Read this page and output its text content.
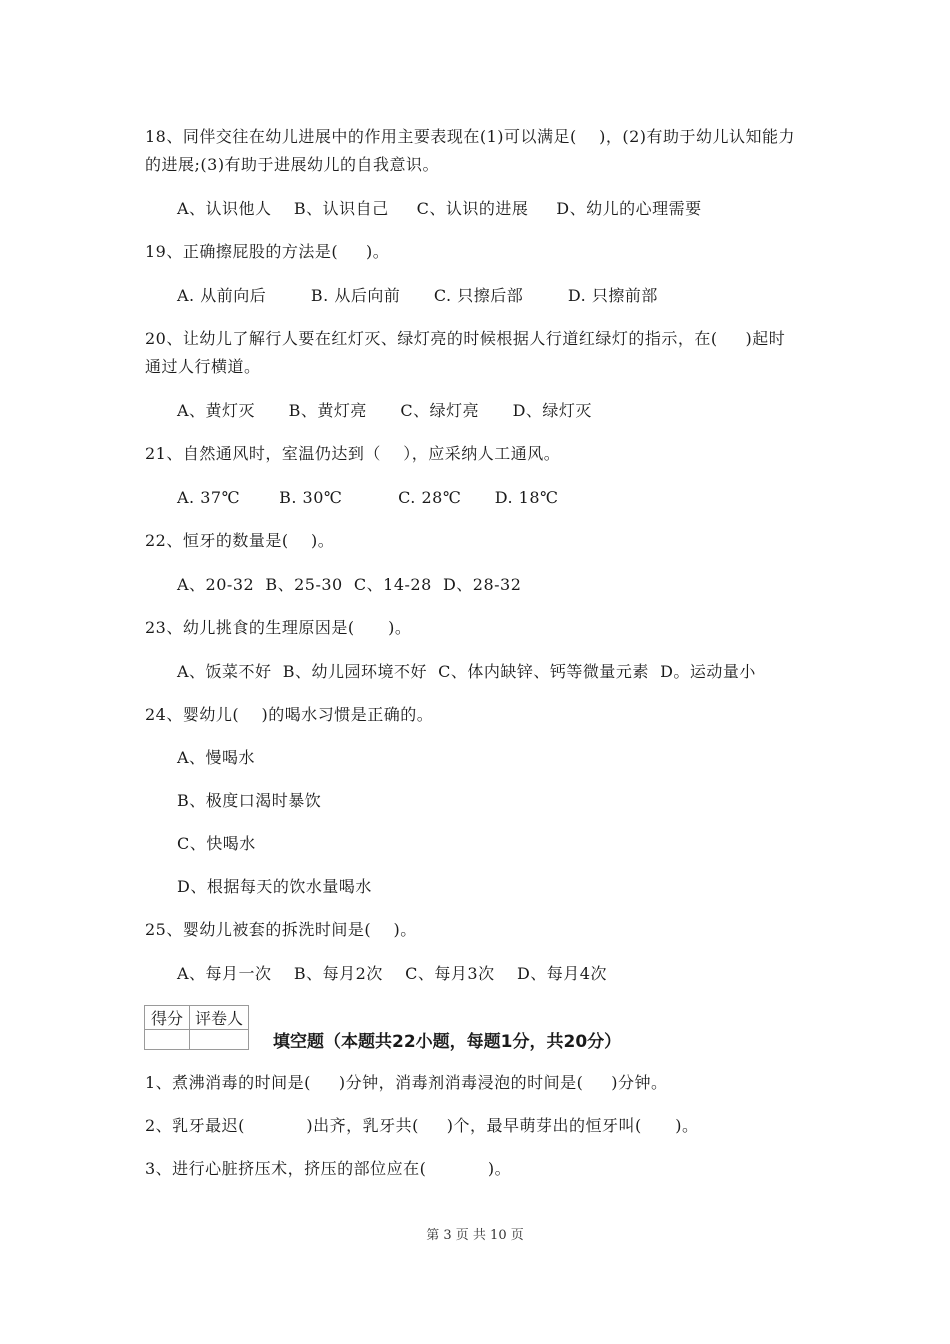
18、同伴交往在幼儿进展中的作用主要表现在(1)可以满足(    )，(2)有助于幼儿认知能力
的进展;(3)有助于进展幼儿的自我意识。
A、认识他人    B、认识自己     C、认识的进展     D、幼儿的心理需要
19、正确擦屁股的方法是(     )。
A. 从前向后        B. 从后向前      C. 只擦后部        D. 只擦前部
20、让幼儿了解行人要在红灯灭、绿灯亮的时候根据人行道红绿灯的指示，在(     )起时
通过人行横道。
A、黄灯灭      B、黄灯亮      C、绿灯亮      D、绿灯灭
21、自然通风时，室温仍达到（    ），应采纳人工通风。
A. 37℃       B. 30℃          C. 28℃      D. 18℃
22、恒牙的数量是(    )。
A、20-32  B、25-30  C、14-28  D、28-32
23、幼儿挑食的生理原因是(      )。
A、饭菜不好  B、幼儿园环境不好  C、体内缺锌、钙等微量元素  D。运动量小
24、婴幼儿(    )的喝水习惯是正确的。
A、慢喝水
B、极度口渴时暴饮
C、快喝水
D、根据每天的饮水量喝水
25、婴幼儿被套的拆洗时间是(    )。
A、每月一次    B、每月2次    C、每月3次    D、每月4次
得分	评卷人

填空题（本题共22小题，每题1分，共20分）
1、煮沸消毒的时间是(     )分钟，消毒剂消毒浸泡的时间是(     )分钟。
2、乳牙最迟(           )出齐，乳牙共(     )个，最早萌芽出的恒牙叫(      )。
3、进行心脏挤压术，挤压的部位应在(           )。
第 3 页 共 10 页
